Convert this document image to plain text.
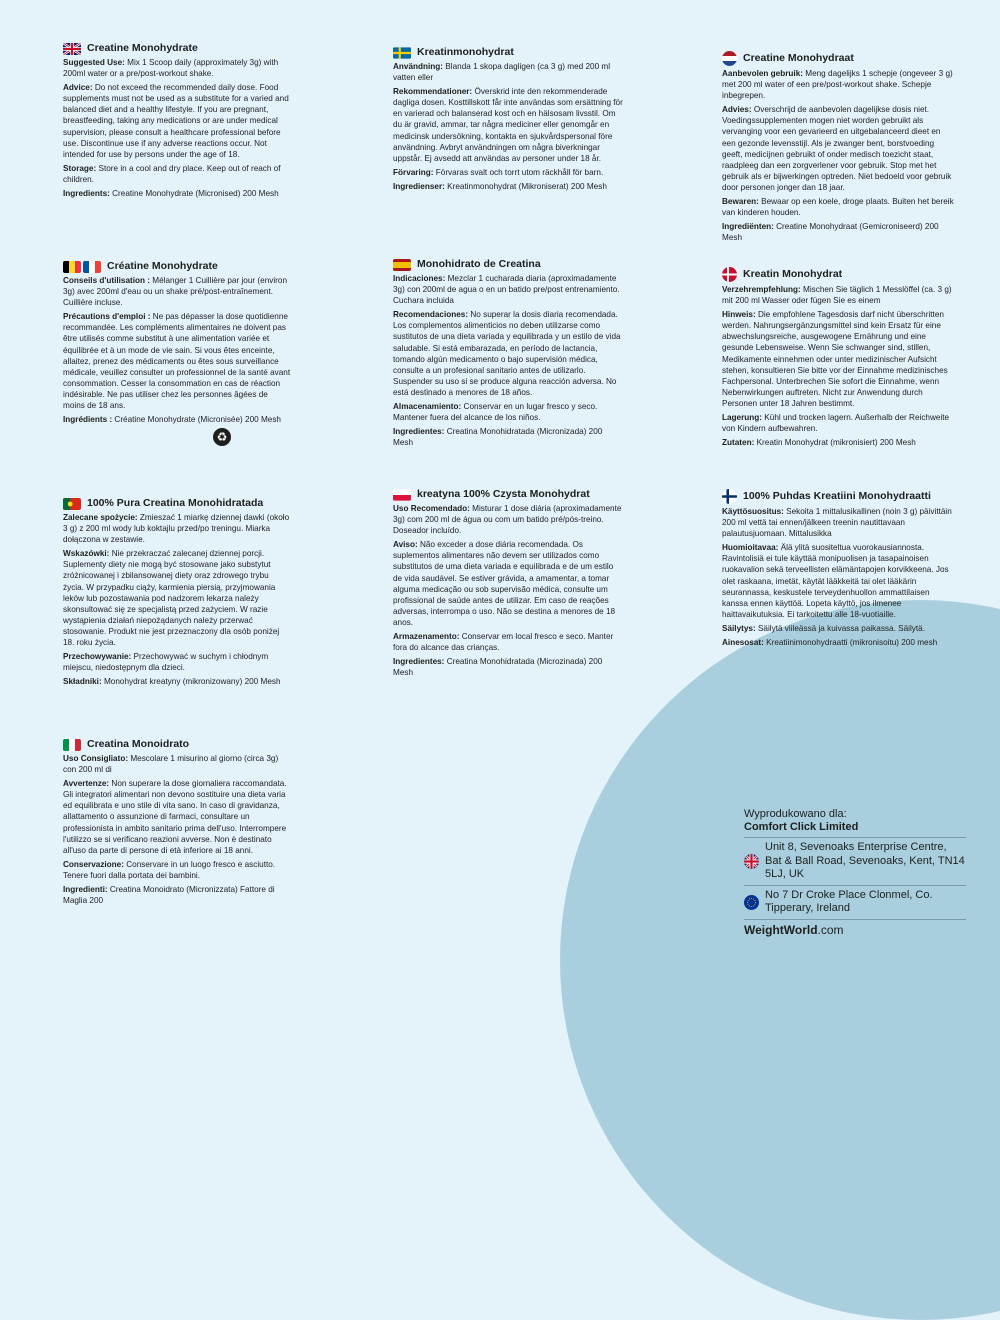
Creatine Monohydrate

Suggested Use: Mix 1 Scoop daily (approximately 3g) with 200ml water or a pre/post-workout shake.

Advice: Do not exceed the recommended daily dose. Food supplements must not be used as a substitute for a varied and balanced diet and a healthy lifestyle. If you are pregnant, breastfeeding, taking any medications or are under medical supervision, please consult a healthcare professional before use. Discontinue use if any adverse reactions occur. Not intended for use by persons under the age of 18.

Storage: Store in a cool and dry place. Keep out of reach of children.

Ingredients: Creatine Monohydrate (Micronised) 200 Mesh

Créatine Monohydrate

Conseils d'utilisation : Mélanger 1 Cuillière par jour (environ 3g) avec 200ml d'eau ou un shake pré/post-entraînement. Cuillière incluse.

Précautions d'emploi : Ne pas dépasser la dose quotidienne recommandée. Les compléments alimentaires ne doivent pas être utilisés comme substitut à une alimentation variée et équilibrée et à un mode de vie sain. Si vous êtes enceinte, allaitez, prenez des médicaments ou êtes sous surveillance médicale, veuillez consulter un professionnel de la santé avant consommation. Cesser la consommation en cas de réaction indésirable. Ne pas utiliser chez les personnes âgées de moins de 18 ans.

Ingrédients : Créatine Monohydrate (Micronisée) 200 Mesh

♻
100% Pura Creatina Monohidratada

Zalecane spożycie: Zmieszać 1 miarkę dziennej dawki (około 3 g) z 200 ml wody lub koktajlu przed/po treningu. Miarka dołączona w zestawie.

Wskazówki: Nie przekraczać zalecanej dziennej porcji. Suplementy diety nie mogą być stosowane jako substytut zróżnicowanej i zbilansowanej diety oraz zdrowego trybu życia. W przypadku ciąży, karmienia piersią, przyjmowania leków lub pozostawania pod nadzorem lekarza należy skonsultować się ze specjalistą przed zażyciem. W razie wystąpienia działań niepożądanych należy przerwać stosowanie. Produkt nie jest przeznaczony dla osób poniżej 18. roku życia.

Przechowywanie: Przechowywać w suchym i chłodnym miejscu, niedostępnym dla dzieci.

Składniki: Monohydrat kreatyny (mikronizowany) 200 Mesh

Creatina Monoidrato

Uso Consigliato: Mescolare 1 misurino al giorno (circa 3g) con 200 ml di

Avvertenze: Non superare la dose giornaliera raccomandata. Gli integratori alimentari non devono sostituire una dieta varia ed equilibrata e uno stile di vita sano. In caso di gravidanza, allattamento o assunzione di farmaci, consultare un professionista in ambito sanitario prima dell'uso. Interrompere l'utilizzo se si verificano reazioni avverse. Non è destinato all'uso da parte di persone di età inferiore ai 18 anni.

Conservazione: Conservare in un luogo fresco e asciutto. Tenere fuori dalla portata dei bambini.

Ingredienti: Creatina Monoidrato (Micronizzata) Fattore di Maglia 200

Kreatinmonohydrat

Användning: Blanda 1 skopa dagligen (ca 3 g) med 200 ml vatten eller

Rekommendationer: Överskrid inte den rekommenderade dagliga dosen. Kosttillskott får inte användas som ersättning för en varierad och balanserad kost och en hälsosam livsstil. Om du är gravid, ammar, tar några mediciner eller genomgår en medicinsk undersökning, kontakta en sjukvårdspersonal före användning. Avbryt användningen om några biverkningar uppstår. Ej avsedd att användas av personer under 18 år.

Förvaring: Förvaras svalt och torrt utom räckhåll för barn.

Ingredienser: Kreatinmonohydrat (Mikroniserat) 200 Mesh

Monohidrato de Creatina

Indicaciones: Mezclar 1 cucharada diaria (aproximadamente 3g) con 200ml de agua o en un batido pre/post entrenamiento. Cuchara incluida

Recomendaciones: No superar la dosis diaria recomendada. Los complementos alimenticios no deben utilizarse como sustitutos de una dieta variada y equilibrada y un estilo de vida saludable. Si está embarazada, en período de lactancia, tomando algún medicamento o bajo supervisión médica, consulte a un profesional sanitario antes de utilizarlo. Suspender su uso si se produce alguna reacción adversa. No está destinado a menores de 18 años.

Almacenamiento: Conservar en un lugar fresco y seco. Mantener fuera del alcance de los niños.

Ingredientes: Creatina Monohidratada (Micronizada) 200 Mesh

kreatyna 100% Czysta Monohydrat

Uso Recomendado: Misturar 1 dose diária (aproximadamente 3g) com 200 ml de água ou com um batido pré/pós-treino. Doseador incluído.

Aviso: Não exceder a dose diária recomendada. Os suplementos alimentares não devem ser utilizados como substitutos de uma dieta variada e equilibrada e de um estilo de vida saudável. Se estiver grávida, a amamentar, a tomar alguma medicação ou sob supervisão médica, consulte um profissional de saúde antes de utilizar. Em caso de reações adversas, interrompa o uso. Não se destina a menores de 18 anos.

Armazenamento: Conservar em local fresco e seco. Manter fora do alcance das crianças.

Ingredientes: Creatina Monohidratada (Microzinada) 200 Mesh

Creatine Monohydraat

Aanbevolen gebruik: Meng dagelijks 1 schepje (ongeveer 3 g) met 200 ml water of een pre/post-workout shake. Schepje inbegrepen.

Advies: Overschrijd de aanbevolen dagelijkse dosis niet. Voedingssupplementen mogen niet worden gebruikt als vervanging voor een gevarieerd en uitgebalanceerd dieet en een gezonde levensstijl. Als je zwanger bent, borstvoeding geeft, medicijnen gebruikt of onder medisch toezicht staat, raadpleeg dan een zorgverlener voor gebruik. Stop met het gebruik als er bijwerkingen optreden. Niet bedoeld voor gebruik door personen jonger dan 18 jaar.

Bewaren: Bewaar op een koele, droge plaats. Buiten het bereik van kinderen houden.

Ingrediënten: Creatine Monohydraat (Gemicroniseerd) 200 Mesh

Kreatin Monohydrat

Verzehrempfehlung: Mischen Sie täglich 1 Messlöffel (ca. 3 g) mit 200 ml Wasser oder fügen Sie es einem

Hinweis: Die empfohlene Tagesdosis darf nicht überschritten werden. Nahrungsergänzungsmittel sind kein Ersatz für eine abwechslungsreiche, ausgewogene Ernährung und eine gesunde Lebensweise. Wenn Sie schwanger sind, stillen, Medikamente einnehmen oder unter medizinischer Aufsicht stehen, konsultieren Sie bitte vor der Einnahme medizinisches Fachpersonal. Unterbrechen Sie sofort die Einnahme, wenn Nebenwirkungen auftreten. Nicht zur Anwendung durch Personen unter 18 Jahren bestimmt.

Lagerung: Kühl und trocken lagern. Außerhalb der Reichweite von Kindern aufbewahren.

Zutaten: Kreatin Monohydrat (mikronisiert) 200 Mesh

100% Puhdas Kreatiini Monohydraatti

Käyttösuositus: Sekoita 1 mittalusikallinen (noin 3 g) päivittäin 200 ml vettä tai ennen/jälkeen treenin nautittavaan palautusjuomaan. Mittalusikka

Huomioitavaa: Älä ylitä suositeltua vuorokausiannosta. Ravintolisiä ei tule käyttää monipuolisen ja tasapainoisen ruokavalion sekä terveellisten elämäntapojen korvikkeena. Jos olet raskaana, imetät, käytät lääkkeitä tai olet lääkärin seurannassa, keskustele terveydenhuollon ammattilaisen kanssa ennen käyttöä. Lopeta käyttö, jos ilmenee haittavaikutuksia. Ei tarkoitettu alle 18-vuotiaille.

Säilytys: Säilytä viileässä ja kuivassa paikassa. Säilytä.

Ainesosat: Kreatiinimonohydraatti (mikronisoitu) 200 mesh

Wyprodukowano dla:
Comfort Click Limited
Unit 8, Sevenoaks Enterprise Centre, Bat & Ball Road, Sevenoaks, Kent, TN14 5LJ, UK
No 7 Dr Croke Place Clonmel, Co. Tipperary, Ireland
WeightWorld.com
